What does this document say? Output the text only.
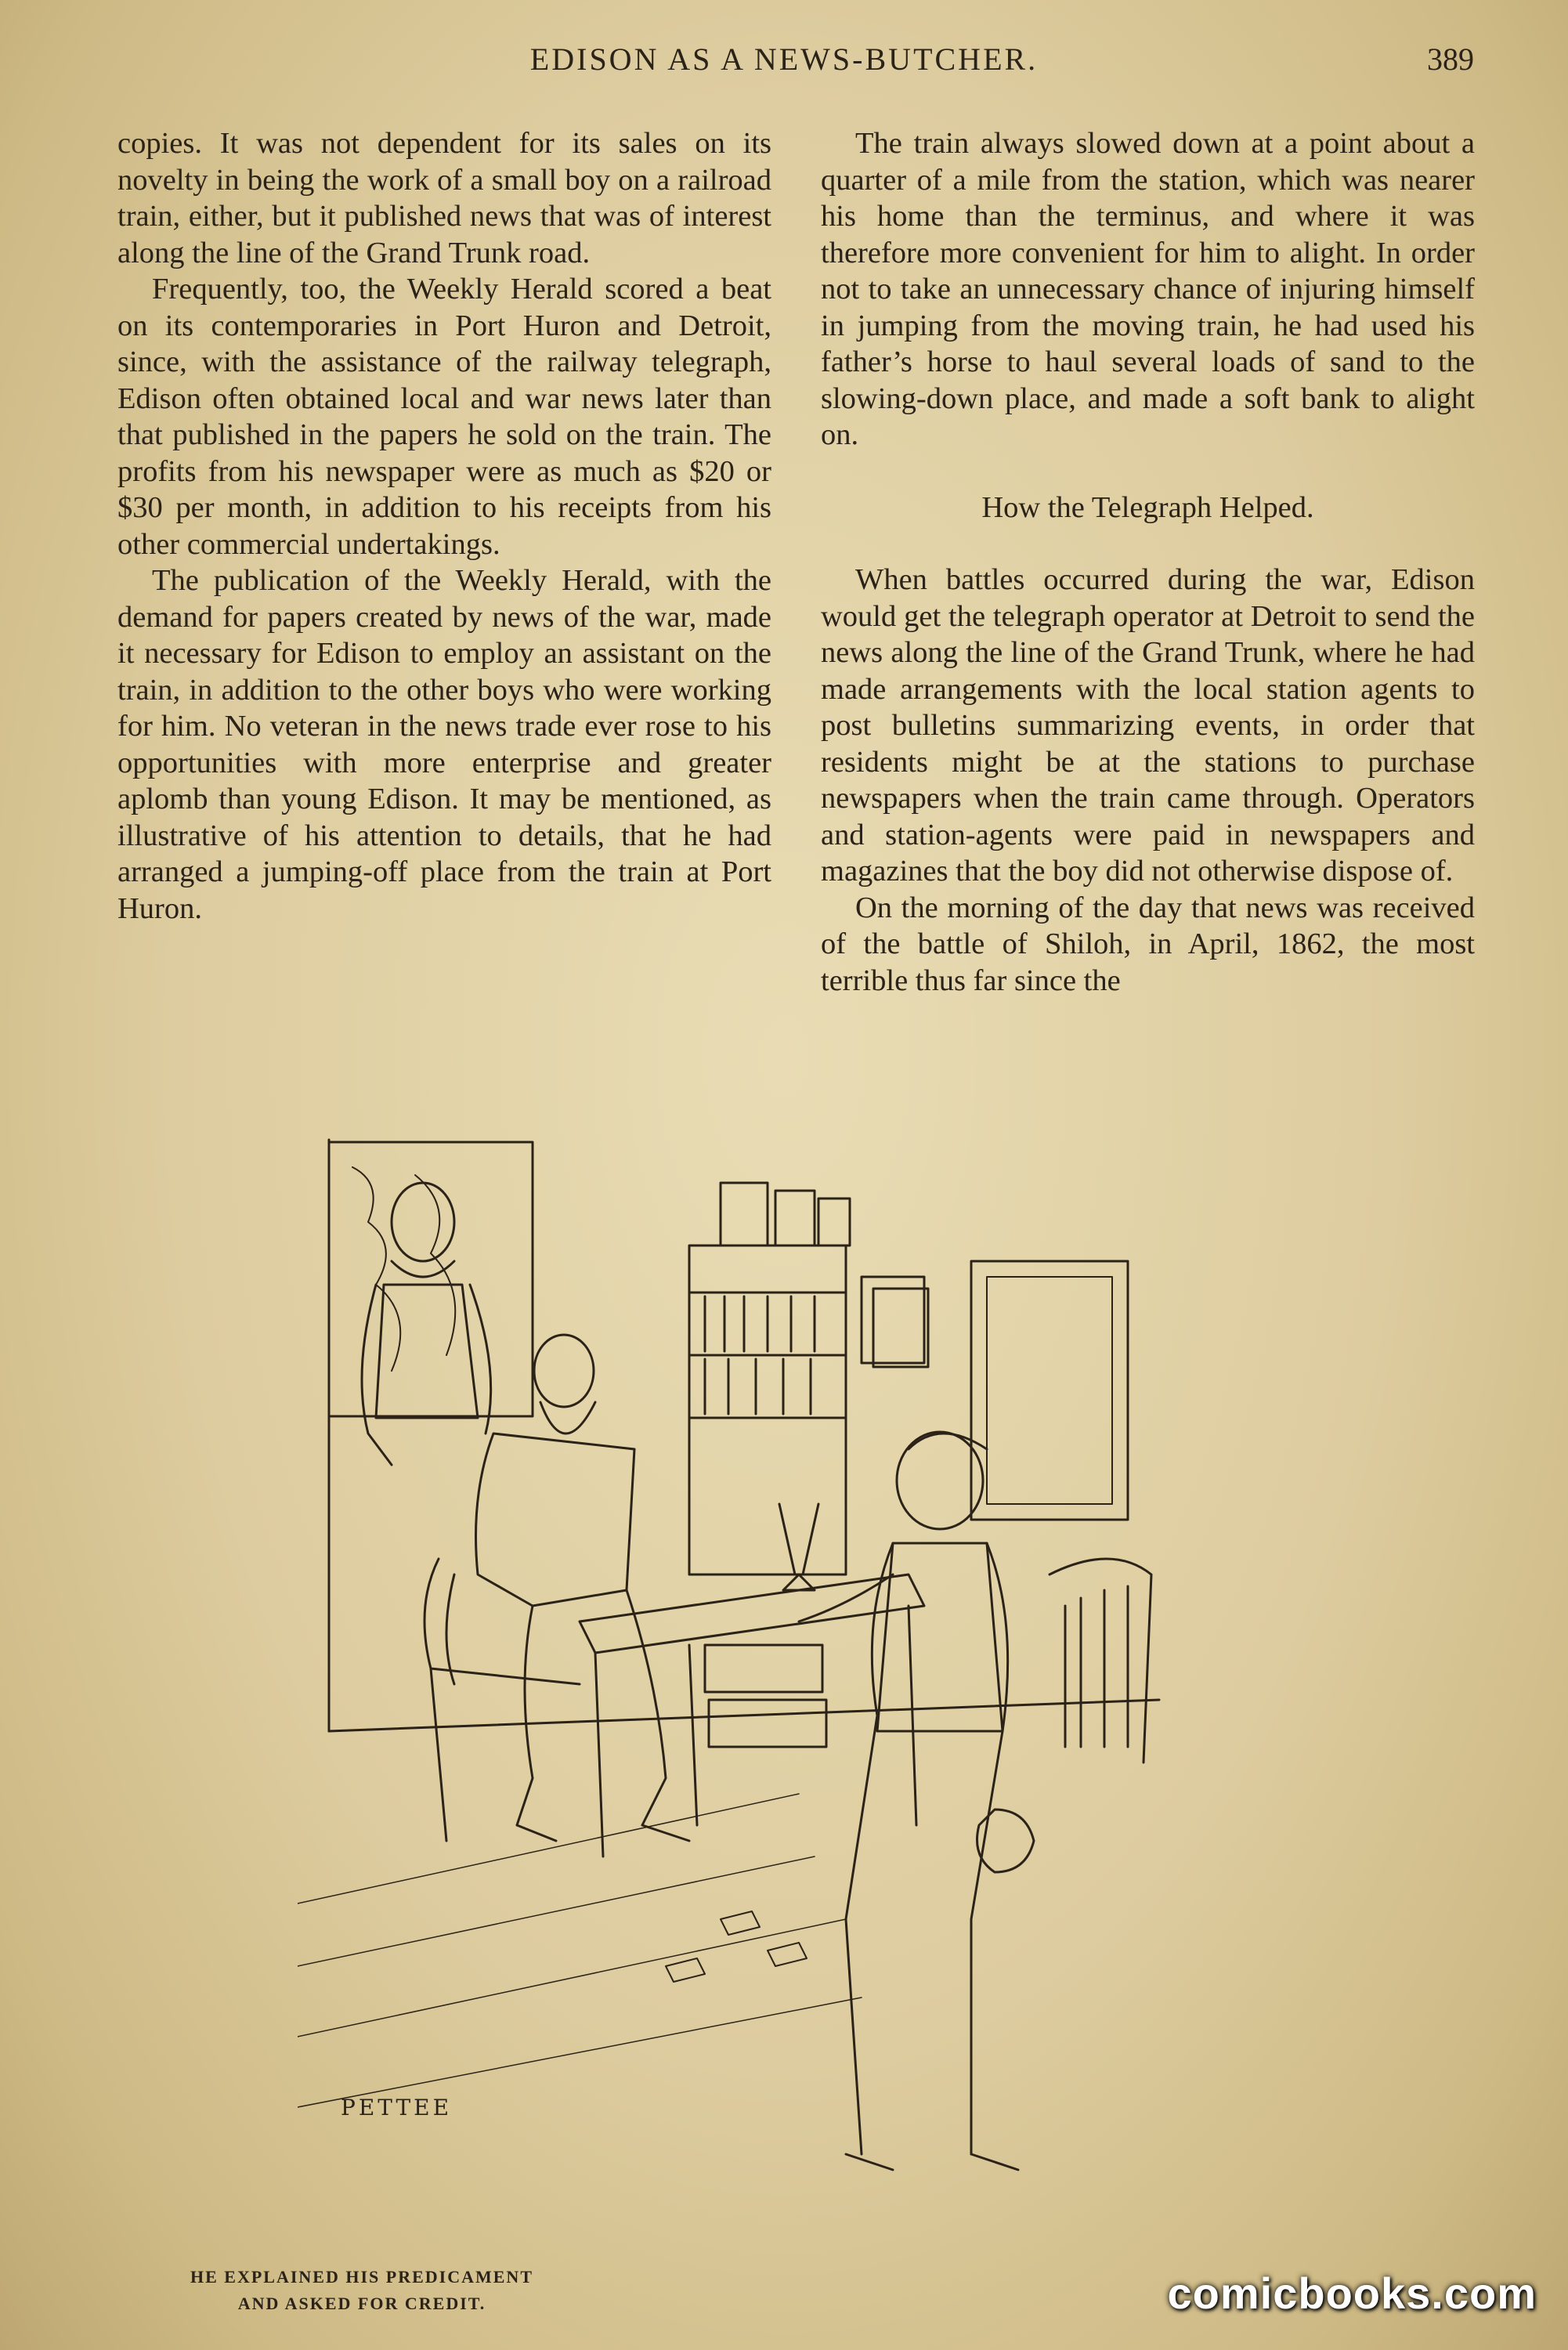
EDISON AS A NEWS-BUTCHER.	389

copies. It was not dependent for its sales on its novelty in being the work of a small boy on a railroad train, either, but it published news that was of interest along the line of the Grand Trunk road.

Frequently, too, the Weekly Herald scored a beat on its contemporaries in Port Huron and Detroit, since, with the assistance of the railway telegraph, Edison often obtained local and war news later than that published in the papers he sold on the train. The profits from his newspaper were as much as $20 or $30 per month, in addition to his receipts from his other commercial undertakings.

The publication of the Weekly Herald, with the demand for papers created by news of the war, made it necessary for Edison to employ an assistant on the train, in addition to the other boys who were working for him. No veteran in the news trade ever rose to his opportunities with more enterprise and greater aplomb than young Edison. It may be mentioned, as illustrative of his attention to details, that he had arranged a jumping-off place from the train at Port Huron.

The train always slowed down at a point about a quarter of a mile from the station, which was nearer his home than the terminus, and where it was therefore more convenient for him to alight. In order not to take an unnecessary chance of injuring himself in jumping from the moving train, he had used his father’s horse to haul several loads of sand to the slowing-down place, and made a soft bank to alight on.

How the Telegraph Helped.

When battles occurred during the war, Edison would get the telegraph operator at Detroit to send the news along the line of the Grand Trunk, where he had made arrangements with the local station agents to post bulletins summarizing events, in order that residents might be at the stations to purchase newspapers when the train came through. Operators and station-agents were paid in newspapers and magazines that the boy did not otherwise dispose of.

On the morning of the day that news was received of the battle of Shiloh, in April, 1862, the most terrible thus far since the

PETTEE
HE EXPLAINED HIS PREDICAMENT
AND ASKED FOR CREDIT.	comicbooks.com
